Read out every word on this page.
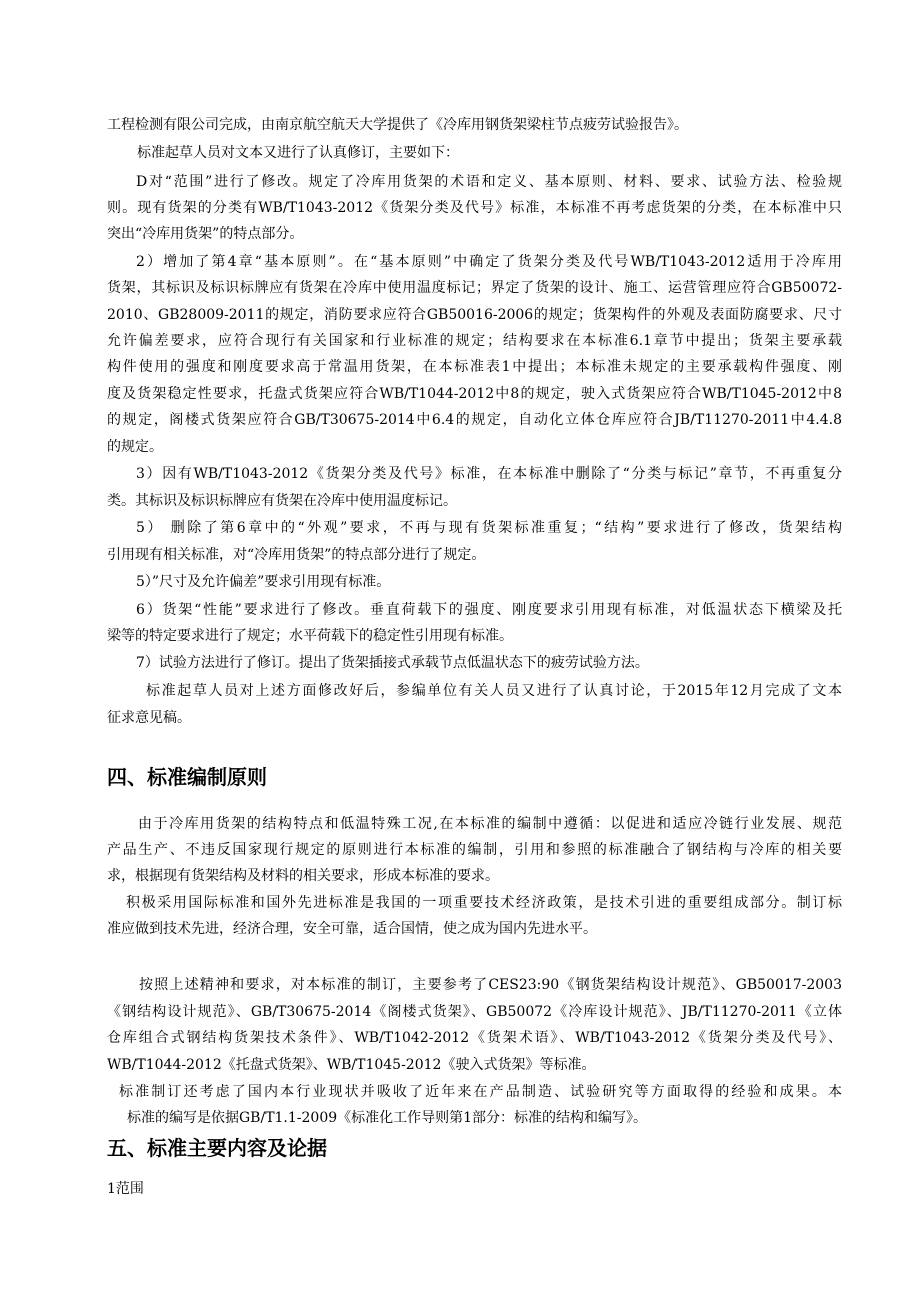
工程检测有限公司完成，由南京航空航天大学提供了《冷库用钢货架梁柱节点疲劳试验报告》。
标准起草人员对文本又进行了认真修订，主要如下：
D对“范围”进行了修改。规定了冷库用货架的术语和定义、基本原则、材料、要求、试验方法、检验规
则。现有货架的分类有WB/T1043-2012《货架分类及代号》标准，本标准不再考虑货架的分类，在本标准中只
突出“冷库用货架”的特点部分。
2）增加了第4章“基本原则”。在“基本原则”中确定了货架分类及代号WB/T1043-2012适用于冷库用
货架，其标识及标识标牌应有货架在冷库中使用温度标记；界定了货架的设计、施工、运营管理应符合GB50072-
2010、GB28009-2011的规定，消防要求应符合GB50016-2006的规定；货架构件的外观及表面防腐要求、尺寸
允许偏差要求，应符合现行有关国家和行业标准的规定；结构要求在本标准6.1章节中提出；货架主要承载
构件使用的强度和刚度要求高于常温用货架，在本标准表1中提出；本标准未规定的主要承载构件强度、刚
度及货架稳定性要求，托盘式货架应符合WB/T1044-2012中8的规定，驶入式货架应符合WB/T1045-2012中8
的规定，阁楼式货架应符合GB/T30675-2014中6.4的规定，自动化立体仓库应符合JB/T11270-2011中4.4.8
的规定。
3）因有WB/T1043-2012《货架分类及代号》标准，在本标准中删除了“分类与标记”章节，不再重复分
类。其标识及标识标牌应有货架在冷库中使用温度标记。
5） 删除了第6章中的“外观”要求，不再与现有货架标准重复；“结构”要求进行了修改，货架结构
引用现有相关标准，对“冷库用货架”的特点部分进行了规定。
5）”尺寸及允许偏差”要求引用现有标准。
6）货架“性能”要求进行了修改。垂直荷载下的强度、刚度要求引用现有标准，对低温状态下横梁及托
梁等的特定要求进行了规定；水平荷载下的稳定性引用现有标准。
7）试验方法进行了修订。提出了货架插接式承载节点低温状态下的疲劳试验方法。
标准起草人员对上述方面修改好后，参编单位有关人员又进行了认真讨论，于2015年12月完成了文本
征求意见稿。
四、标准编制原则
由于冷库用货架的结构特点和低温特殊工况,在本标准的编制中遵循：以促进和适应冷链行业发展、规范
产品生产、不违反国家现行规定的原则进行本标准的编制，引用和参照的标准融合了钢结构与冷库的相关要
求，根据现有货架结构及材料的相关要求，形成本标准的要求。
积极采用国际标准和国外先进标准是我国的一项重要技术经济政策，是技术引进的重要组成部分。制订标
准应做到技术先进，经济合理，安全可靠，适合国情，使之成为国内先进水平。
按照上述精神和要求，对本标准的制订，主要参考了CES23:90《钢货架结构设计规范》、GB50017-2003
《钢结构设计规范》、GB/T30675-2014《阁楼式货架》、GB50072《冷库设计规范》、JB/T11270-2011《立体
仓库组合式钢结构货架技术条件》、WB/T1042-2012《货架术语》、WB/T1043-2012《货架分类及代号》、
WB/T1044-2012《托盘式货架》、WB/T1045-2012《驶入式货架》等标准。
标准制订还考虑了国内本行业现状并吸收了近年来在产品制造、试验研究等方面取得的经验和成果。本
标准的编写是依据GB/T1.1-2009《标准化工作导则第1部分：标准的结构和编写》。
五、标准主要内容及论据
1范围
